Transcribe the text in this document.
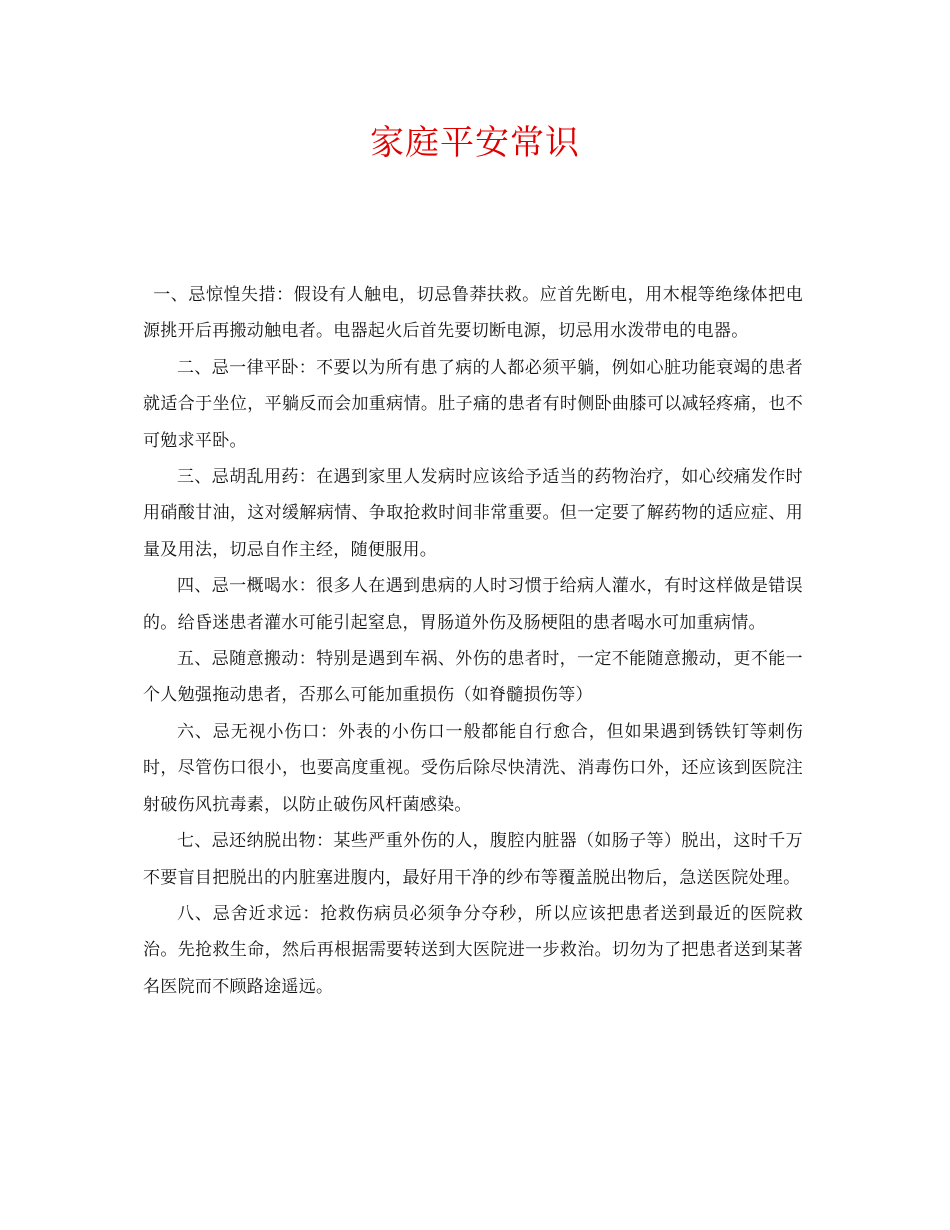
家庭平安常识

一、忌惊惶失措：假设有人触电，切忌鲁莽扶救。应首先断电，用木棍等绝缘体把电源挑开后再搬动触电者。电器起火后首先要切断电源，切忌用水泼带电的电器。

二、忌一律平卧：不要以为所有患了病的人都必须平躺，例如心脏功能衰竭的患者就适合于坐位，平躺反而会加重病情。肚子痛的患者有时侧卧曲膝可以减轻疼痛，也不可勉求平卧。

三、忌胡乱用药：在遇到家里人发病时应该给予适当的药物治疗，如心绞痛发作时用硝酸甘油，这对缓解病情、争取抢救时间非常重要。但一定要了解药物的适应症、用量及用法，切忌自作主经，随便服用。

四、忌一概喝水：很多人在遇到患病的人时习惯于给病人灌水，有时这样做是错误的。给昏迷患者灌水可能引起窒息，胃肠道外伤及肠梗阻的患者喝水可加重病情。

五、忌随意搬动：特别是遇到车祸、外伤的患者时，一定不能随意搬动，更不能一个人勉强拖动患者，否那么可能加重损伤（如脊髓损伤等）

六、忌无视小伤口：外表的小伤口一般都能自行愈合，但如果遇到锈铁钉等刺伤时，尽管伤口很小，也要高度重视。受伤后除尽快清洗、消毒伤口外，还应该到医院注射破伤风抗毒素，以防止破伤风杆菌感染。

七、忌还纳脱出物：某些严重外伤的人，腹腔内脏器（如肠子等）脱出，这时千万不要盲目把脱出的内脏塞进腹内，最好用干净的纱布等覆盖脱出物后，急送医院处理。

八、忌舍近求远：抢救伤病员必须争分夺秒，所以应该把患者送到最近的医院救治。先抢救生命，然后再根据需要转送到大医院进一步救治。切勿为了把患者送到某著名医院而不顾路途遥远。
